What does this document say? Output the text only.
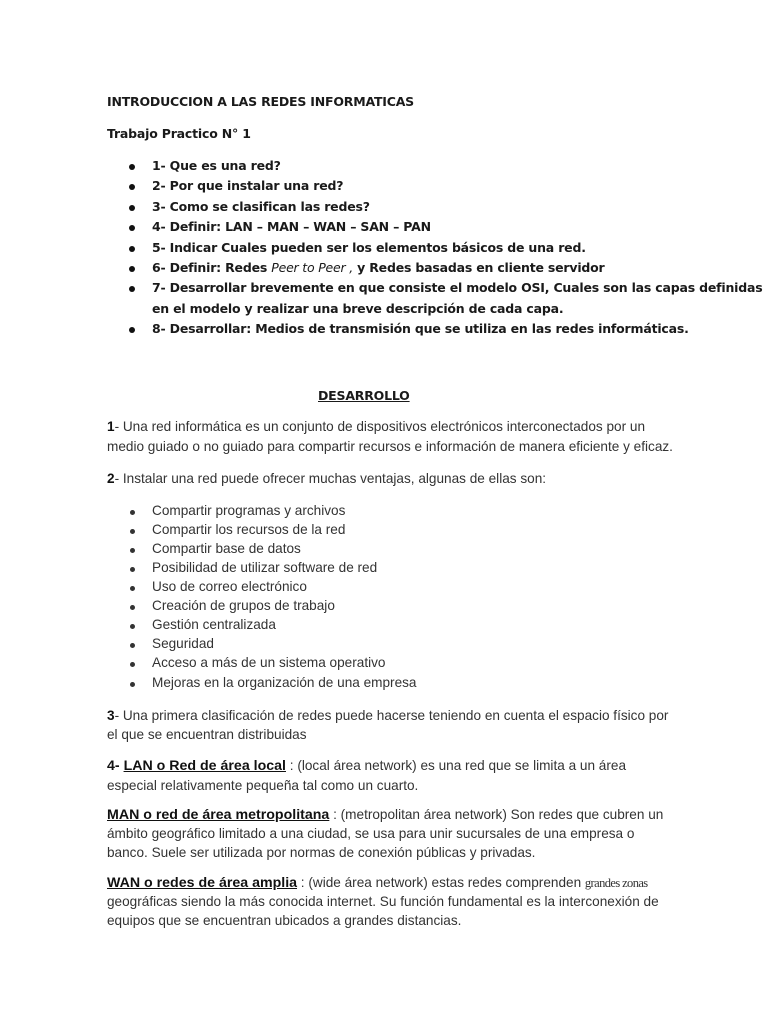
INTRODUCCION A LAS REDES INFORMATICAS
Trabajo Practico N° 1
1- Que es una red?
2- Por que instalar una red?
3- Como se clasifican las redes?
4- Definir: LAN – MAN – WAN – SAN – PAN
5- Indicar Cuales pueden ser los elementos básicos de una red.
6- Definir: Redes Peer to Peer , y Redes basadas en cliente servidor
7- Desarrollar brevemente en que consiste el modelo OSI, Cuales son las capas definidas
en el modelo y realizar una breve descripción de cada capa.
8- Desarrollar: Medios de transmisión que se utiliza en las redes informáticas.
DESARROLLO
1- Una red informática es un conjunto de dispositivos electrónicos interconectados por un
medio guiado o no guiado para compartir recursos e información de manera eficiente y eficaz.
2- Instalar una red puede ofrecer muchas ventajas, algunas de ellas son:
Compartir programas y archivos
Compartir los recursos de la red
Compartir base de datos
Posibilidad de utilizar software de red
Uso de correo electrónico
Creación de grupos de trabajo
Gestión centralizada
Seguridad
Acceso a más de un sistema operativo
Mejoras en la organización de una empresa
3- Una primera clasificación de redes puede hacerse teniendo en cuenta el espacio físico por
el que se encuentran distribuidas
4- LAN o Red de área local : (local área network) es una red que se limita a un área
especial relativamente pequeña tal como un cuarto.
MAN o red de área metropolitana : (metropolitan área network) Son redes que cubren un
ámbito geográfico limitado a una ciudad, se usa para unir sucursales de una empresa o
banco. Suele ser utilizada por normas de conexión públicas y privadas.
WAN o redes de área amplia : (wide área network) estas redes comprenden grandes zonas
geográficas siendo la más conocida internet. Su función fundamental es la interconexión de
equipos que se encuentran ubicados a grandes distancias.
